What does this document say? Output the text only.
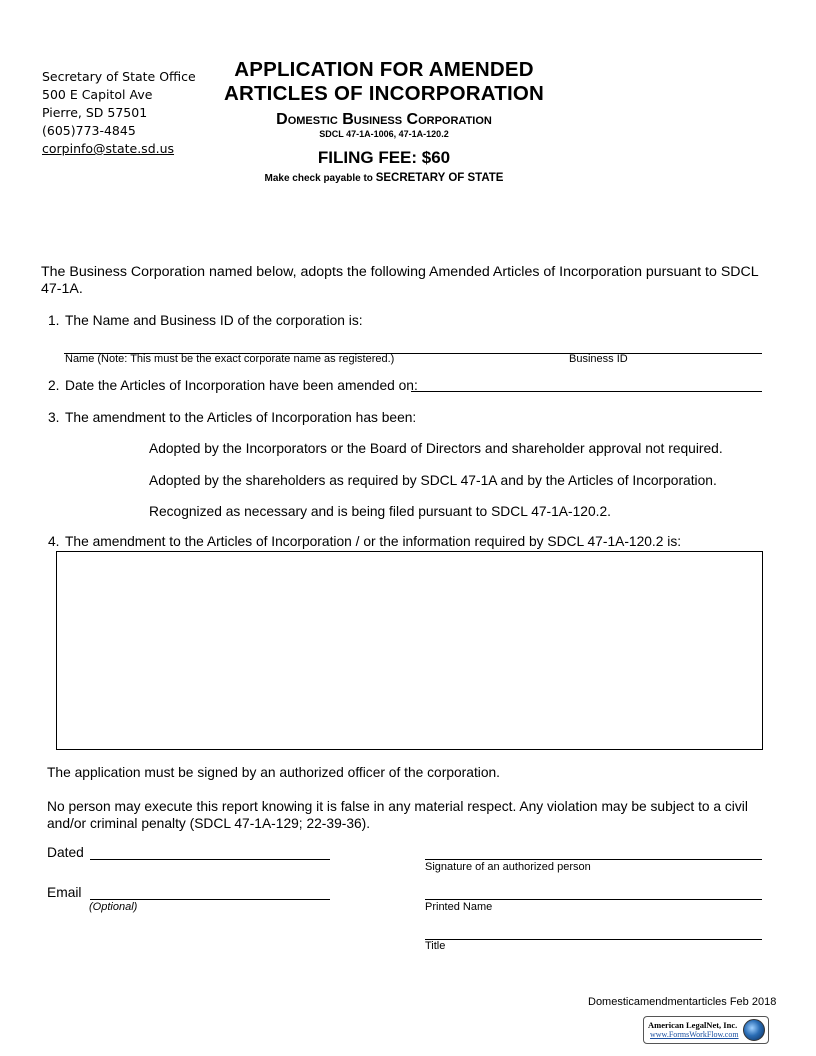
Secretary of State Office
500 E Capitol Ave
Pierre, SD 57501
(605)773-4845
corpinfo@state.sd.us
APPLICATION FOR AMENDED
ARTICLES OF INCORPORATION
Domestic Business Corporation
SDCL 47-1A-1006, 47-1A-120.2
FILING FEE: $60
Make check payable to SECRETARY OF STATE
The Business Corporation named below, adopts the following Amended Articles of Incorporation pursuant to SDCL 47-1A.
1. The Name and Business ID of the corporation is:
Name (Note: This must be the exact corporate name as registered.)	Business ID
2. Date the Articles of Incorporation have been amended on:
3. The amendment to the Articles of Incorporation has been:
Adopted by the Incorporators or the Board of Directors and shareholder approval not required.
Adopted by the shareholders as required by SDCL 47-1A and by the Articles of Incorporation.
Recognized as necessary and is being filed pursuant to SDCL 47-1A-120.2.
4. The amendment to the Articles of Incorporation / or the information required by SDCL 47-1A-120.2 is:
The application must be signed by an authorized officer of the corporation.
No person may execute this report knowing it is false in any material respect. Any violation may be subject to a civil and/or criminal penalty (SDCL 47-1A-129; 22-39-36).
Dated
Email
(Optional)
Signature of an authorized person
Printed Name
Title
Domesticamendmentarticles Feb 2018
American LegalNet, Inc.
www.FormsWorkFlow.com
